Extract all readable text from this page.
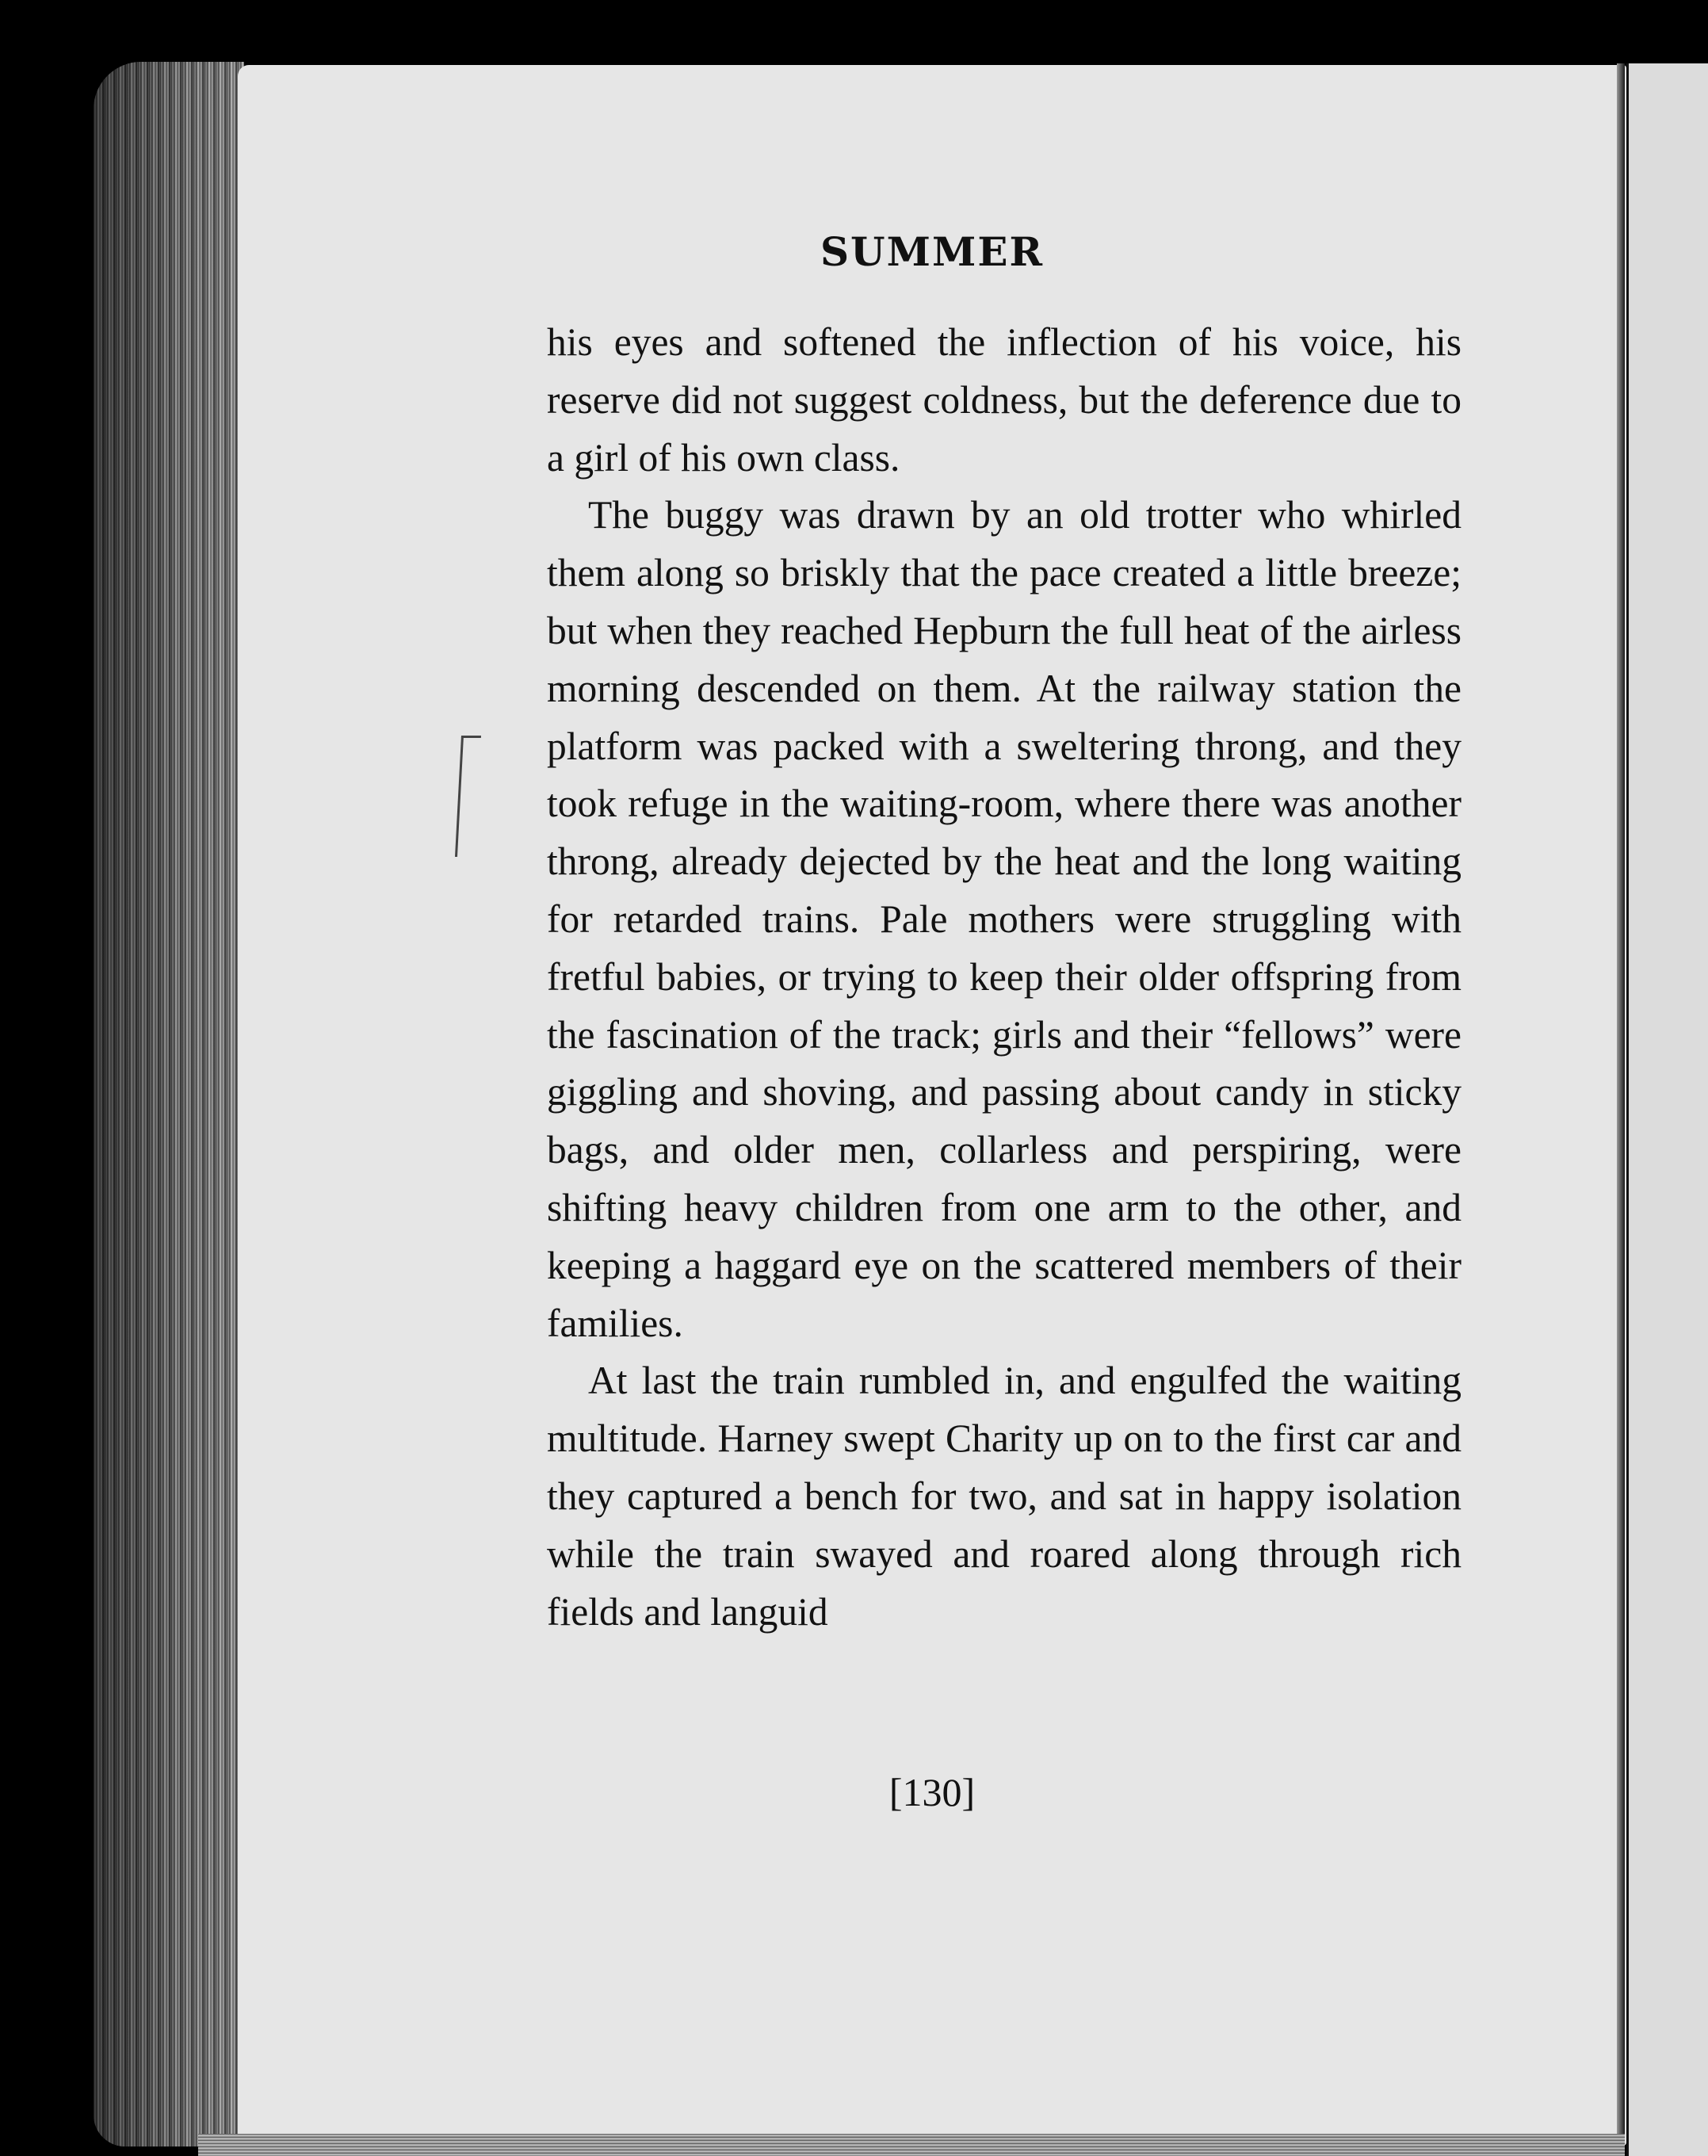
SUMMER

his eyes and softened the inflection of his voice, his reserve did not suggest coldness, but the deference due to a girl of his own class.

The buggy was drawn by an old trotter who whirled them along so briskly that the pace created a little breeze; but when they reached Hepburn the full heat of the airless morning descended on them. At the railway station the platform was packed with a sweltering throng, and they took refuge in the waiting-room, where there was another throng, already dejected by the heat and the long waiting for retarded trains. Pale mothers were struggling with fretful babies, or trying to keep their older offspring from the fascination of the track; girls and their “fellows” were giggling and shoving, and passing about candy in sticky bags, and older men, collarless and perspiring, were shifting heavy children from one arm to the other, and keeping a haggard eye on the scattered members of their families.

At last the train rumbled in, and engulfed the waiting multitude. Harney swept Charity up on to the first car and they captured a bench for two, and sat in happy isolation while the train swayed and roared along through rich fields and languid

[130]
